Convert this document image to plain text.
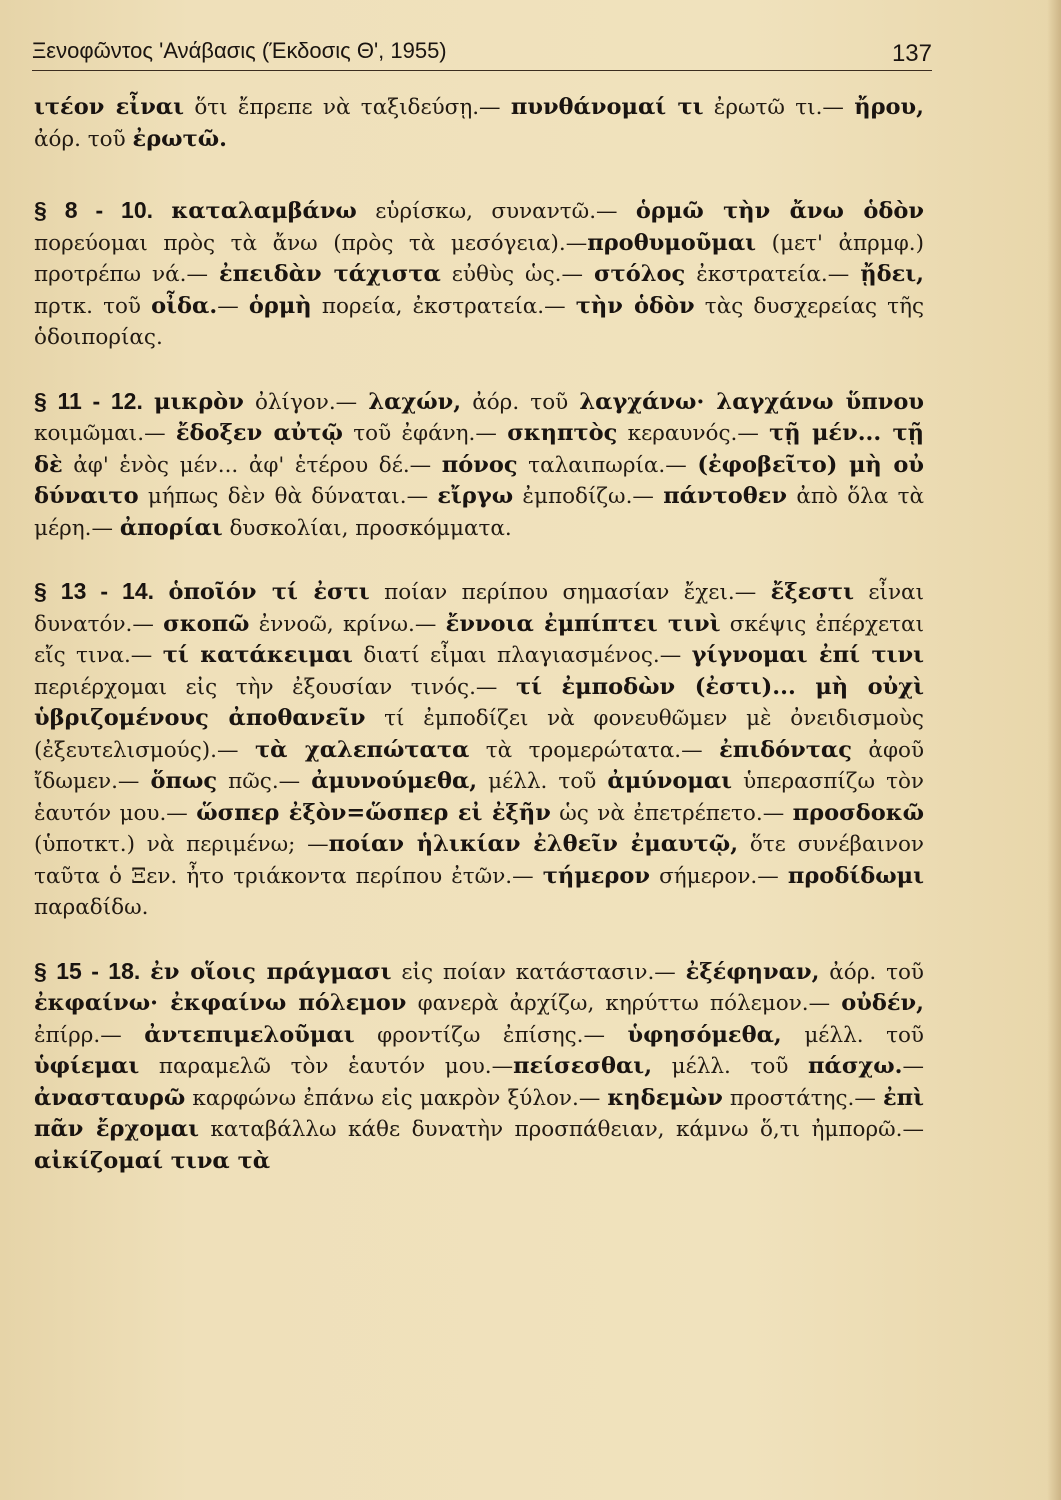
Ξενοφῶντος 'Ανάβασις (Έκδοσις Θ', 1955)	137

ιτέον εἶναι ὅτι ἔπρεπε νὰ ταξιδεύσῃ.— πυνθάνομαί τι ἐρωτῶ τι.— ἤρου, ἀόρ. τοῦ ἐρωτῶ.

§ 8 - 10. καταλαμβάνω εὑρίσκω, συναντῶ.— ὁρμῶ τὴν ἄνω ὁδὸν πορεύομαι πρὸς τὰ ἄνω (πρὸς τὰ μεσόγεια).—προθυμοῦμαι (μετ' ἀπρμφ.) προτρέπω νά.— ἐπειδὰν τάχιστα εὐθὺς ὡς.— στόλος ἐκστρατεία.— ᾔδει, πρτκ. τοῦ οἶδα.— ὁρμὴ πορεία, ἐκστρατεία.— τὴν ὁδὸν τὰς δυσχερείας τῆς ὁδοιπορίας.

§ 11 - 12. μικρὸν ὀλίγον.— λαχών, ἀόρ. τοῦ λαγχάνω· λαγχάνω ὕπνου κοιμῶμαι.— ἔδοξεν αὐτῷ τοῦ ἐφάνη.— σκηπτὸς κεραυνός.— τῇ μέν... τῇ δὲ ἀφ' ἑνὸς μέν... ἀφ' ἑτέρου δέ.— πόνος ταλαιπωρία.— (ἐφοβεῖτο) μὴ οὐ δύναιτο μήπως δὲν θὰ δύναται.— εἴργω ἐμποδίζω.— πάντοθεν ἀπὸ ὅλα τὰ μέρη.— ἀπορίαι δυσκολίαι, προσκόμματα.

§ 13 - 14. ὁποῖόν τί ἐστι ποίαν περίπου σημασίαν ἔχει.— ἔξεστι εἶναι δυνατόν.— σκοπῶ ἐννοῶ, κρίνω.— ἔννοια ἐμπίπτει τινὶ σκέψις ἐπέρχεται εἴς τινα.— τί κατάκειμαι διατί εἶμαι πλαγιασμένος.— γίγνομαι ἐπί τινι περιέρχομαι εἰς τὴν ἐξουσίαν τινός.— τί ἐμποδὼν (ἐστι)... μὴ οὐχὶ ὑβριζομένους ἀποθανεῖν τί ἐμποδίζει νὰ φονευθῶμεν μὲ ὀνειδισμοὺς (ἐξευτελισμούς).— τὰ χαλεπώτατα τὰ τρομερώτατα.— ἐπιδόντας ἀφοῦ ἴδωμεν.— ὅπως πῶς.— ἀμυνούμεθα, μέλλ. τοῦ ἀμύνομαι ὑπερασπίζω τὸν ἑαυτόν μου.— ὥσπερ ἐξὸν=ὥσπερ εἰ ἐξῆν ὡς νὰ ἐπετρέπετο.— προσδοκῶ (ὑποτκτ.) νὰ περιμένω; —ποίαν ἡλικίαν ἐλθεῖν ἐμαυτῷ, ὅτε συνέβαινον ταῦτα ὁ Ξεν. ἦτο τριάκοντα περίπου ἐτῶν.— τήμερον σήμερον.— προδίδωμι παραδίδω.

§ 15 - 18. ἐν οἵοις πράγμασι εἰς ποίαν κατάστασιν.— ἐξέφηναν, ἀόρ. τοῦ ἐκφαίνω· ἐκφαίνω πόλεμον φανερὰ ἀρχίζω, κηρύττω πόλεμον.— οὐδέν, ἐπίρρ.— ἀντεπιμελοῦμαι φροντίζω ἐπίσης.— ὑφησόμεθα, μέλλ. τοῦ ὑφίεμαι παραμελῶ τὸν ἑαυτόν μου.—πείσεσθαι, μέλλ. τοῦ πάσχω.— ἀνασταυρῶ καρφώνω ἐπάνω εἰς μακρὸν ξύλον.— κηδεμὼν προστάτης.— ἐπὶ πᾶν ἔρχομαι καταβάλλω κάθε δυνατὴν προσπάθειαν, κάμνω ὅ,τι ἠμπορῶ.— αἰκίζομαί τινα τὰ
